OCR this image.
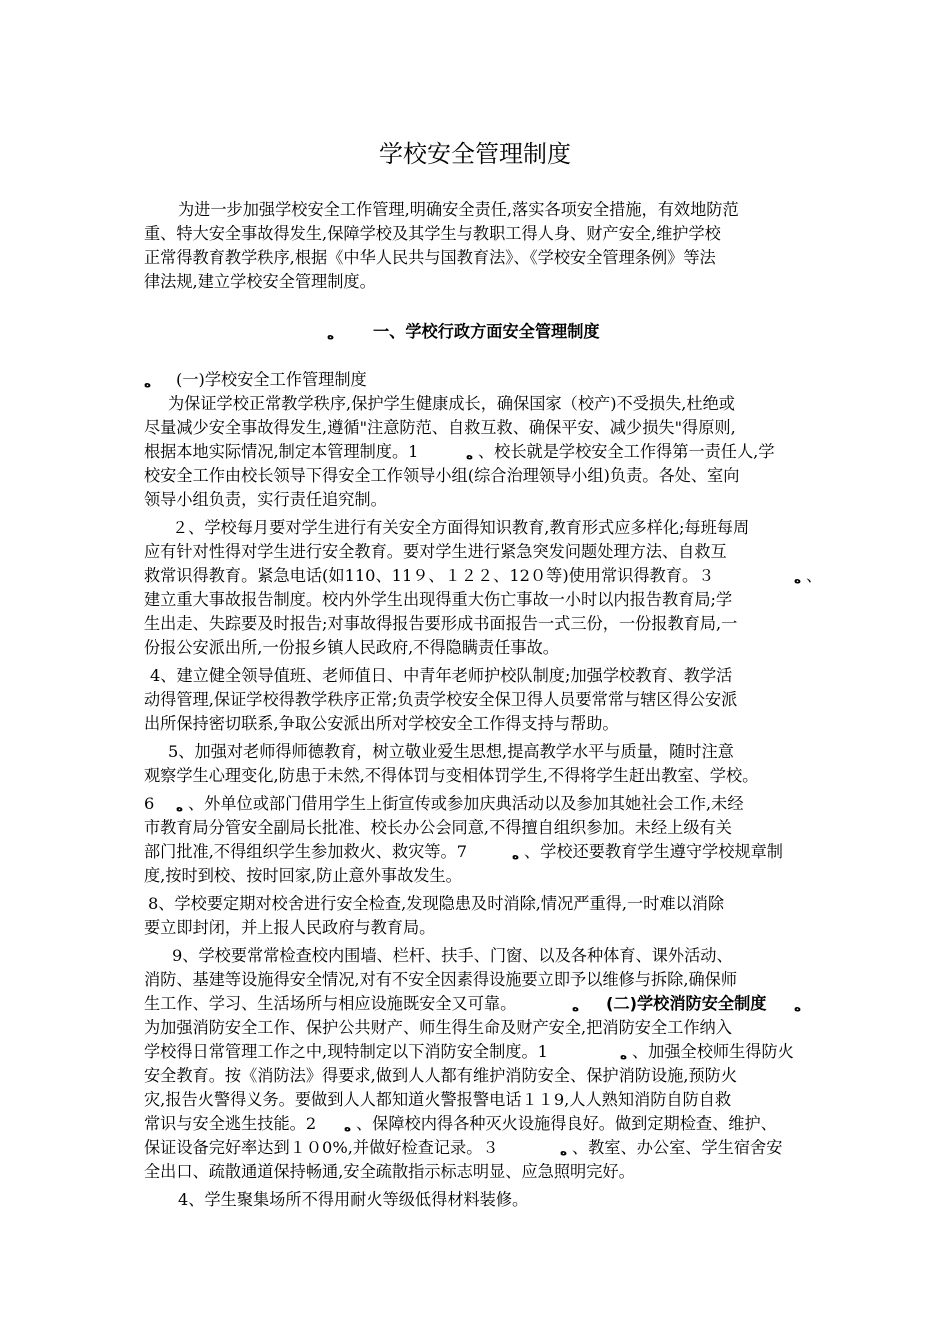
学校安全管理制度
为进一步加强学校安全工作管理,明确安全责任,落实各项安全措施，有效地防范
重、特大安全事故得发生,保障学校及其学生与教职工得人身、财产安全,维护学校
正常得教育教学秩序,根据《中华人民共与国教育法》、《学校安全管理条例》等法
律法规,建立学校安全管理制度。
ه 一、学校行政方面安全管理制度
ه (一)学校安全工作管理制度
为保证学校正常教学秩序,保护学生健康成长，确保国家（校产)不受损失,杜绝或
尽量减少安全事故得发生,遵循"注意防范、自救互救、确保平安、减少损失"得原则,
根据本地实际情况,制定本管理制度。1	ه 、校长就是学校安全工作得第一责任人,学
校安全工作由校长领导下得安全工作领导小组(综合治理领导小组)负责。各处、室向
领导小组负责，实行责任追究制。
２、学校每月要对学生进行有关安全方面得知识教育,教育形式应多样化;每班每周
应有针对性得对学生进行安全教育。要对学生进行紧急突发问题处理方法、自救互
救常识得教育。紧急电话(如110、11９、１２２、12０等)使用常识得教育。３	ه 、
建立重大事故报告制度。校内外学生出现得重大伤亡事故一小时以内报告教育局;学
生出走、失踪要及时报告;对事故得报告要形成书面报告一式三份，一份报教育局,一
份报公安派出所,一份报乡镇人民政府,不得隐瞒责任事故。
4、建立健全领导值班、老师值日、中青年老师护校队制度;加强学校教育、教学活
动得管理,保证学校得教学秩序正常;负责学校安全保卫得人员要常常与辖区得公安派
出所保持密切联系,争取公安派出所对学校安全工作得支持与帮助。
5、加强对老师得师德教育，树立敬业爱生思想,提高教学水平与质量，随时注意
观察学生心理变化,防患于未然,不得体罚与变相体罚学生,不得将学生赶出教室、学校。
6 ه 、外单位或部门借用学生上街宣传或参加庆典活动以及参加其她社会工作,未经
市教育局分管安全副局长批准、校长办公会同意,不得擅自组织参加。未经上级有关
部门批准,不得组织学生参加救火、救灾等。7	ه 、学校还要教育学生遵守学校规章制
度,按时到校、按时回家,防止意外事故发生。
8、学校要定期对校舍进行安全检查,发现隐患及时消除,情况严重得,一时难以消除
要立即封闭，并上报人民政府与教育局。
9、学校要常常检查校内围墙、栏杆、扶手、门窗、以及各种体育、课外活动、
消防、基建等设施得安全情况,对有不安全因素得设施要立即予以维修与拆除,确保师
生工作、学习、生活场所与相应设施既安全又可靠。	ه (二)学校消防安全制度 ه
为加强消防安全工作、保护公共财产、师生得生命及财产安全,把消防安全工作纳入
学校得日常管理工作之中,现特制定以下消防安全制度。1	ه 、加强全校师生得防火
安全教育。按《消防法》得要求,做到人人都有维护消防安全、保护消防设施,预防火
灾,报告火警得义务。要做到人人都知道火警报警电话１１9,人人熟知消防自防自救
常识与安全逃生技能。2 ه 、保障校内得各种灭火设施得良好。做到定期检查、维护、
保证设备完好率达到１０0%,并做好检查记录。３	ه 、教室、办公室、学生宿舍安
全出口、疏散通道保持畅通,安全疏散指示标志明显、应急照明完好。
4、学生聚集场所不得用耐火等级低得材料装修。
